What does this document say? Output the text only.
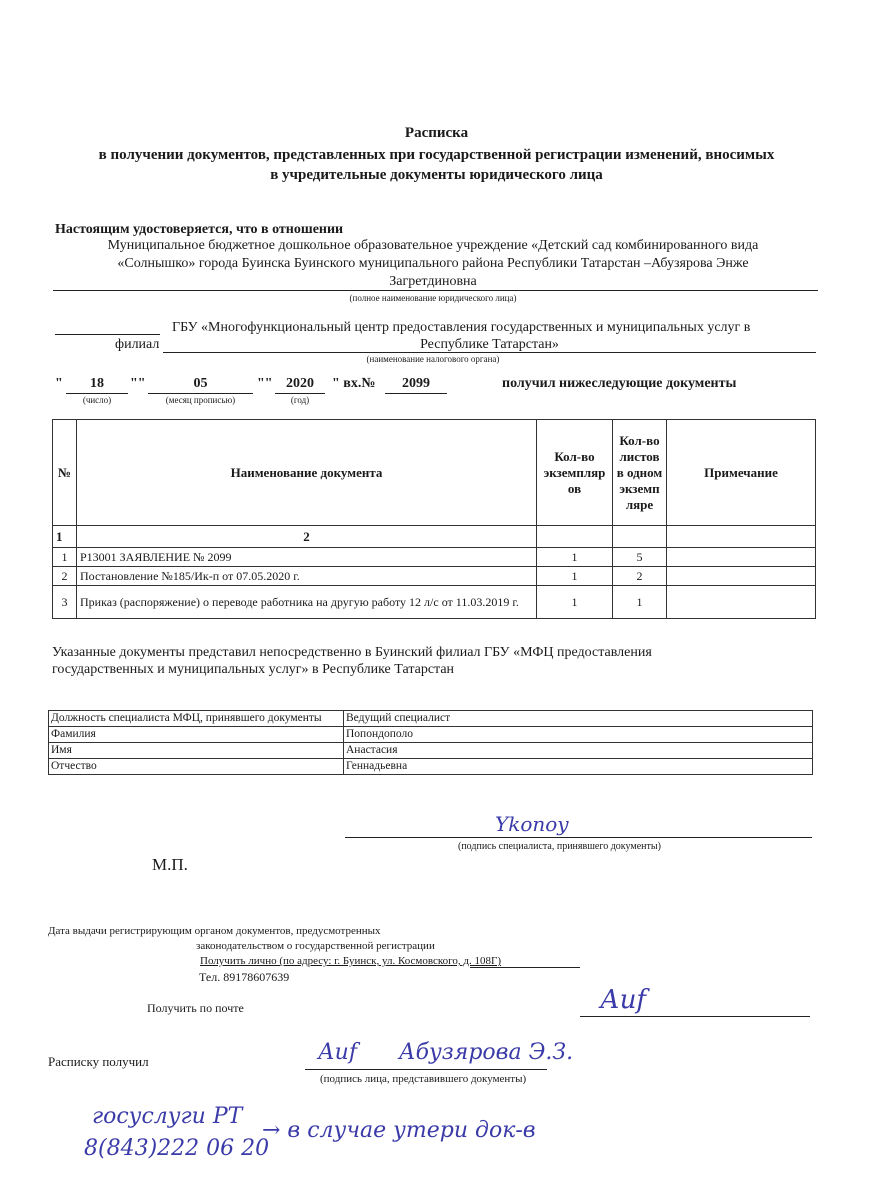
Расписка
в получении документов, представленных при государственной регистрации изменений, вносимых
в учредительные документы юридического лица
Настоящим удостоверяется, что в отношении
Муниципальное бюджетное дошкольное образовательное учреждение «Детский сад комбинированного вида
«Солнышко» города Буинска Буинского муниципального района Республики Татарстан –Абузярова Энже
Загретдиновна
(полное наименование юридического лица)
ГБУ «Многофункциональный центр предоставления государственных и муниципальных услуг в
филиал	Республике Татарстан»
(наименование налогового органа)
"	18
(число)
""	05
(месяц прописью)
"" 2020
(год)
" вх.№	2099	получил нижеследующие документы
№	Наименование документа	Кол-во экземпляр ов	Кол-во листов в одном экземп ляре	Примечание
1	2			
1	Р13001 ЗАЯВЛЕНИЕ № 2099	1	5	
2	Постановление №185/Ик-п от 07.05.2020 г.	1	2	
3	Приказ (распоряжение) о переводе работника на другую работу 12 л/с от 11.03.2019 г.	1	1	
Указанные документы представил непосредственно в Буинский филиал ГБУ «МФЦ предоставления
государственных и муниципальных услуг» в Республике Татарстан
Должность специалиста МФЦ, принявшего документы	Ведущий специалист
Фамилия	Попондополо
Имя	Анастасия
Отчество	Геннадьевна
Ykonoy
(подпись специалиста, принявшего документы)
М.П.
Дата выдачи регистрирующим органом документов, предусмотренных
законодательством о государственной регистрации
Получить лично (по адресу: г. Буинск, ул. Космовского, д. 108Г)
Тел. 89178607639
Получить по почте	Аиf
Расписку получил	Аиf      Абузярова Э.З.
(подпись лица, представившего документы)
госуслуги РТ
8(843)222 06 20
→ в случае утери док-в
